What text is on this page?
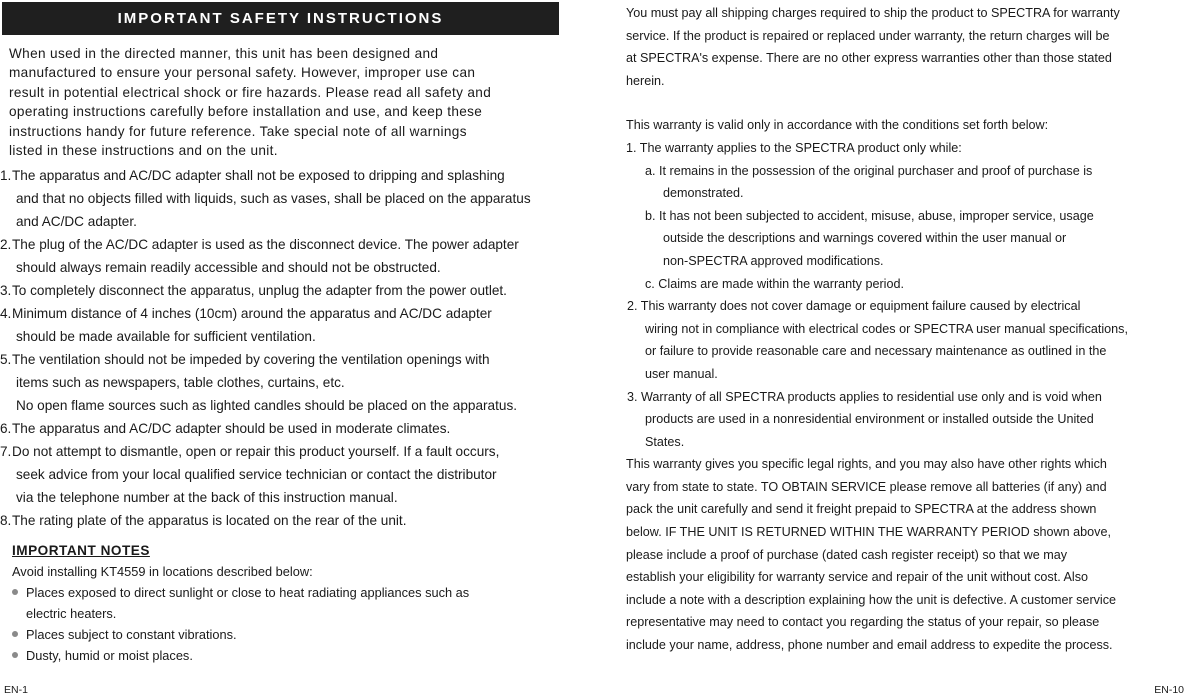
IMPORTANT SAFETY INSTRUCTIONS

When used in the directed manner, this unit has been designed and

manufactured to ensure your personal safety. However, improper use can

result in potential electrical shock or fire hazards. Please read all safety and

operating instructions carefully before installation and use, and keep these

instructions handy for future reference. Take special note of all warnings

listed in these instructions and on the unit.

1. The apparatus and AC/DC adapter shall not be exposed to dripping and splashing
and that no objects filled with liquids, such as vases, shall be placed on the apparatus
and AC/DC adapter.
2. The plug of the AC/DC adapter is used as the disconnect device. The power adapter
should always remain readily accessible and should not be obstructed.
3. To completely disconnect the apparatus, unplug the adapter from the power outlet.
4. Minimum distance of 4 inches (10cm) around the apparatus and AC/DC adapter
should be made available for sufficient ventilation.
5. The ventilation should not be impeded by covering the ventilation openings with
items such as newspapers, table clothes, curtains, etc.
No open flame sources such as lighted candles should be placed on the apparatus.
6. The apparatus and AC/DC adapter should be used in moderate climates.
7. Do not attempt to dismantle, open or repair this product yourself. If a fault occurs,
seek advice from your local qualified service technician or contact the distributor
via the telephone number at the back of this instruction manual.
8. The rating plate of the apparatus is located on the rear of the unit.
IMPORTANT NOTES
Avoid installing KT4559 in locations described below:
Places exposed to direct sunlight or close to heat radiating appliances such as
electric heaters.
Places subject to constant vibrations.
Dusty, humid or moist places.
EN-1

You must pay all shipping charges required to ship the product to SPECTRA for warranty

service. If the product is repaired or replaced under warranty, the return charges will be

at SPECTRA's expense. There are no other express warranties other than those stated

herein.

This warranty is valid only in accordance with the conditions set forth below:

1. The warranty applies to the SPECTRA product only while:

a. It remains in the possession of the original purchaser and proof of purchase is
demonstrated.
b. It has not been subjected to accident, misuse, abuse, improper service, usage
outside the descriptions and warnings covered within the user manual or
non-SPECTRA approved modifications.
c. Claims are made within the warranty period.
2. This warranty does not cover damage or equipment failure caused by electrical
wiring not in compliance with electrical codes or SPECTRA user manual specifications,
or failure to provide reasonable care and necessary maintenance as outlined in the
user manual.
3. Warranty of all SPECTRA products applies to residential use only and is void when
products are used in a nonresidential environment or installed outside the United
States.

This warranty gives you specific legal rights, and you may also have other rights which

vary from state to state. TO OBTAIN SERVICE please remove all batteries (if any) and

pack the unit carefully and send it freight prepaid to SPECTRA at the address shown

below. IF THE UNIT IS RETURNED WITHIN THE WARRANTY PERIOD shown above,

please include a proof of purchase (dated cash register receipt) so that we may

establish your eligibility for warranty service and repair of the unit without cost. Also

include a note with a description explaining how the unit is defective. A customer service

representative may need to contact you regarding the status of your repair, so please

include your name, address, phone number and email address to expedite the process.

EN-10
